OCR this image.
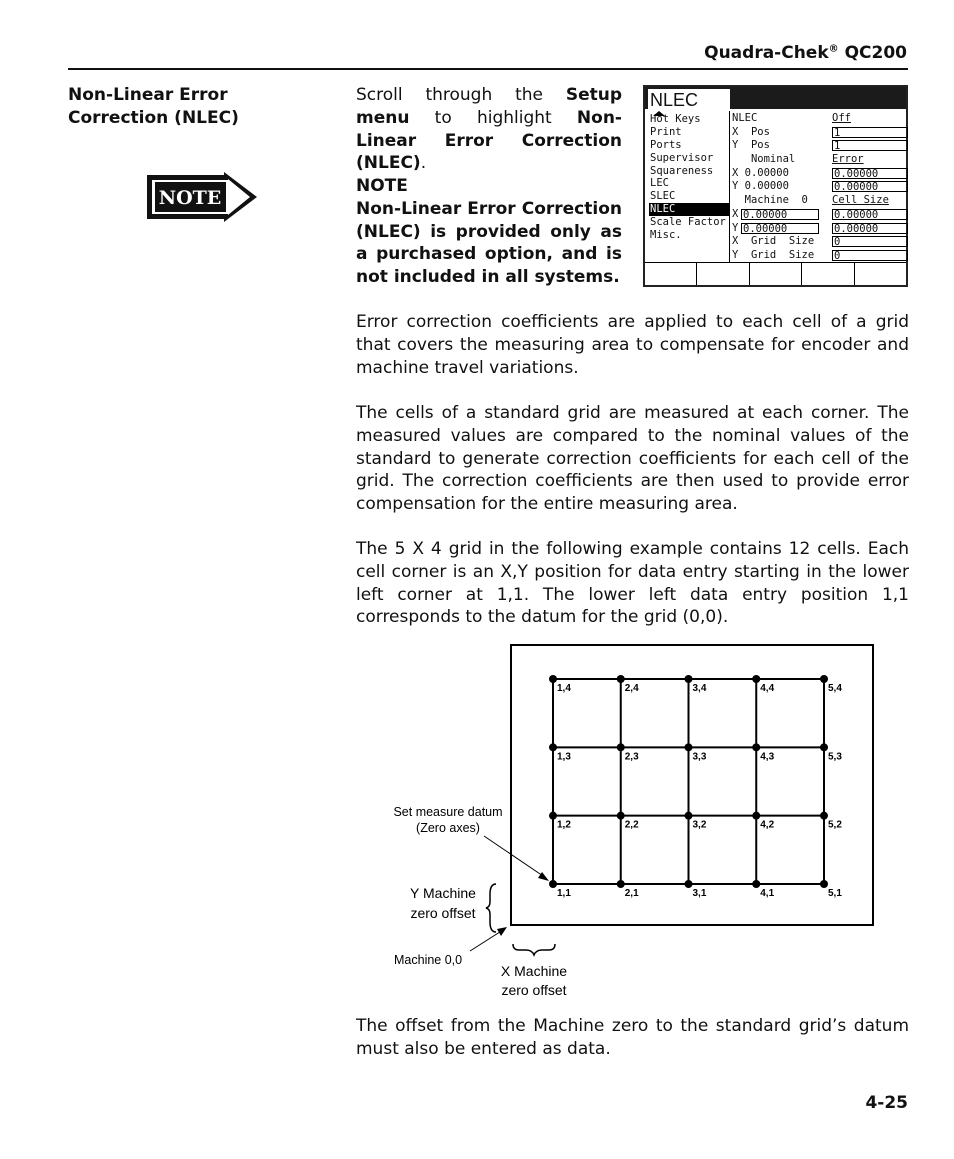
Quadra-Chek® QC200
Non-Linear Error Correction (NLEC)
NOTE
Scroll through the Setup menu to highlight Non-Linear Error Correction (NLEC).
NOTE
Non-Linear Error Correction (NLEC) is provided only as a purchased option, and is not included in all systems.
NLEC
Hot Keys
Print
Ports
Supervisor
Squareness
LEC
SLEC
NLEC
Scale Factor
Misc.
NLEC	Off
X  Pos	1
Y  Pos	1
Nominal	Error
X 0.00000	0.00000
Y 0.00000	0.00000
Machine  0 Cell Size
X 0.00000	0.00000
Y 0.00000	0.00000
X  Grid  Size 0
Y  Grid  Size 0
Error correction coefficients are applied to each cell of a grid that covers the measuring area to compensate for encoder and machine travel variations.
The cells of a standard grid are measured at each corner. The measured values are compared to the nominal values of the standard to generate correction coefficients for each cell of the grid. The correction coefficients are then used to provide error compensation for the entire measuring area.
The 5 X 4 grid in the following example contains 12 cells. Each cell corner is an X,Y position for data entry starting in the lower left corner at 1,1. The lower left data entry position 1,1 corresponds to the datum for the grid (0,0).
1,1	2,1	3,1	4,1	5,1
1,2	2,2	3,2	4,2	5,2
1,3	2,3	3,3	4,3	5,3
1,4	2,4	3,4	4,4	5,4
Set measure datum
(Zero axes)
Y Machine
zero offset
Machine 0,0
X Machine
zero offset
The offset from the Machine zero to the standard grid’s datum must also be entered as data.
4-25
